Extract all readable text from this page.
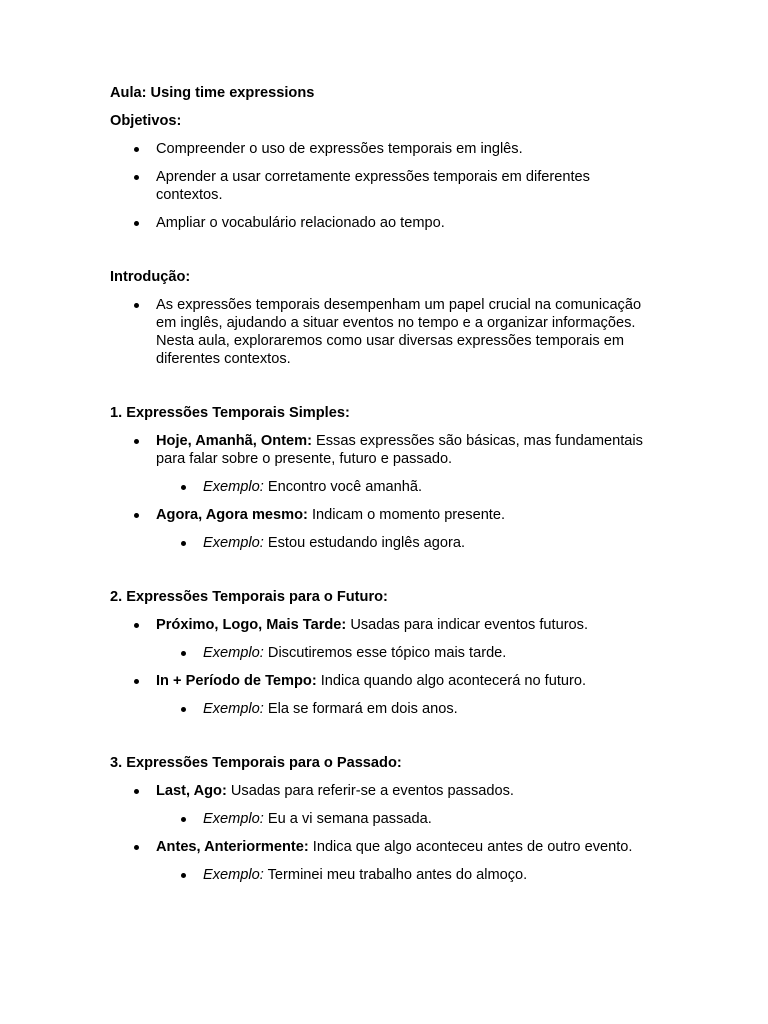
Aula: Using time expressions

Objetivos:

Compreender o uso de expressões temporais em inglês.
Aprender a usar corretamente expressões temporais em diferentes contextos.
Ampliar o vocabulário relacionado ao tempo.

Introdução:

As expressões temporais desempenham um papel crucial na comunicação em inglês, ajudando a situar eventos no tempo e a organizar informações. Nesta aula, exploraremos como usar diversas expressões temporais em diferentes contextos.

1. Expressões Temporais Simples:

Hoje, Amanhã, Ontem: Essas expressões são básicas, mas fundamentais para falar sobre o presente, futuro e passado.
Exemplo: Encontro você amanhã.
Agora, Agora mesmo: Indicam o momento presente.
Exemplo: Estou estudando inglês agora.

2. Expressões Temporais para o Futuro:

Próximo, Logo, Mais Tarde: Usadas para indicar eventos futuros.
Exemplo: Discutiremos esse tópico mais tarde.
In + Período de Tempo: Indica quando algo acontecerá no futuro.
Exemplo: Ela se formará em dois anos.

3. Expressões Temporais para o Passado:

Last, Ago: Usadas para referir-se a eventos passados.
Exemplo: Eu a vi semana passada.
Antes, Anteriormente: Indica que algo aconteceu antes de outro evento.
Exemplo: Terminei meu trabalho antes do almoço.
